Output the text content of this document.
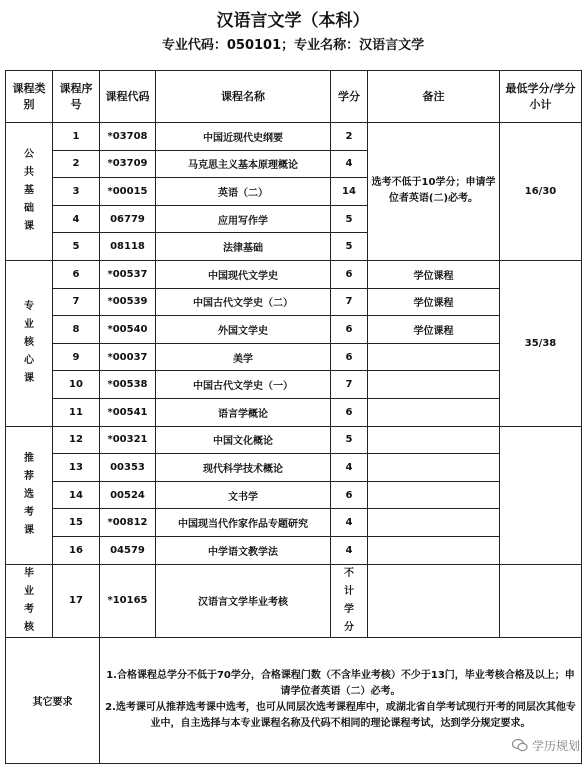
汉语言文学（本科）
专业代码：050101；专业名称：汉语言文学
课程类别	课程序号	课程代码	课程名称	学分	备注	最低学分/学分小计
公共基础课	1	*03708	中国近现代史纲要	2	选考不低于10学分；申请学位者英语(二)必考。	16/30
	2	*03709	马克思主义基本原理概论	4		
	3	*00015	英语（二）	14		
	4	06779	应用写作学	5		
	5	08118	法律基础	5		
专业核心课	6	*00537	中国现代文学史	6	学位课程	35/38
	7	*00539	中国古代文学史（二）	7	学位课程	
	8	*00540	外国文学史	6	学位课程	
	9	*00037	美学	6		
	10	*00538	中国古代文学史（一）	7		
	11	*00541	语言学概论	6		
推荐选考课	12	*00321	中国文化概论	5		
	13	00353	现代科学技术概论	4		
	14	00524	文书学	6		
	15	*00812	中国现当代作家作品专题研究	4		
	16	04579	中学语文教学法	4		
毕业考核	17	*10165	汉语言文学毕业考核	不计学分		
其它要求		1.合格课程总学分不低于70学分，合格课程门数（不含毕业考核）不少于13门，毕业考核合格及以上；申请学位者英语（二）必考。
2.选考课可从推荐选考课中选考，也可从同层次选考课程库中，或湖北省自学考试现行开考的同层次其他专业中，自主选择与本专业课程名称及代码不相同的理论课程考试，达到学分规定要求。				
学历规划
